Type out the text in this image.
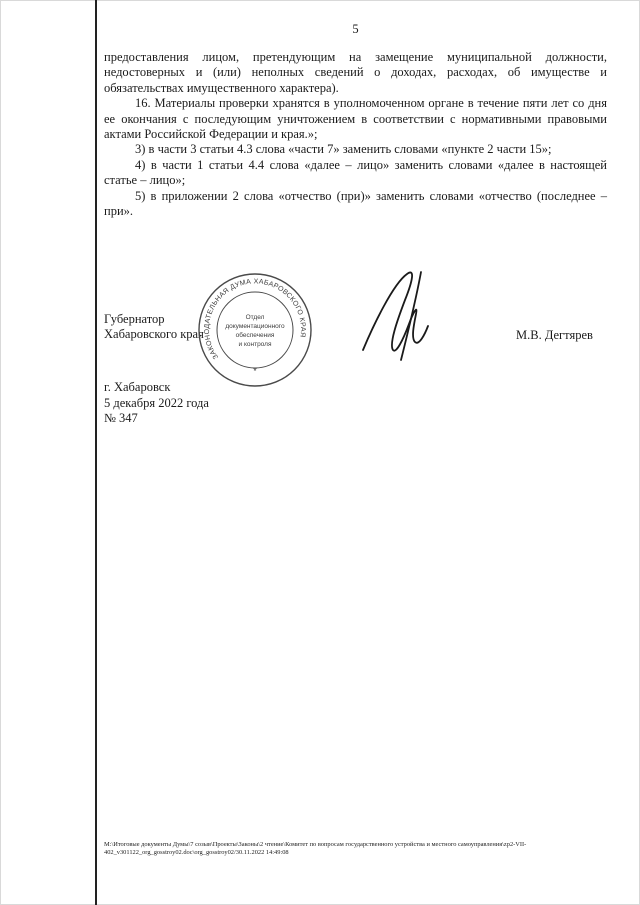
5

предоставления лицом, претендующим на замещение муниципальной должности, недостоверных и (или) неполных сведений о доходах, расходах, об имуществе и обязательствах имущественного характера).

16. Материалы проверки хранятся в уполномоченном органе в течение пяти лет со дня ее окончания с последующим уничтожением в соответствии с нормативными правовыми актами Российской Федерации и края.»;

3) в части 3 статьи 4.3 слова «части 7» заменить словами «пункте 2 части 15»;

4) в части 1 статьи 4.4 слова «далее – лицо» заменить словами «далее в настоящей статье – лицо»;

5) в приложении 2 слова «отчество (при)» заменить словами «отчество (последнее – при».

Губернатор
Хабаровского края
ЗАКОНОДАТЕЛЬНАЯ ДУМА ХАБАРОВСКОГО КРАЯ
Отдел
документационного
обеспечения
и контроля
*
М.В. Дегтярев
г. Хабаровск
5 декабря 2022 года
№ 347
М:\Итоговые документы Думы\7 созыв\Проекты\Законы\2 чтение\Комитет по вопросам государственного устройства и местного самоуправления\zp2-VII-
402_v301122_org_gosstroy02.doc\org_gosstroy02/30.11.2022 14:49:08
